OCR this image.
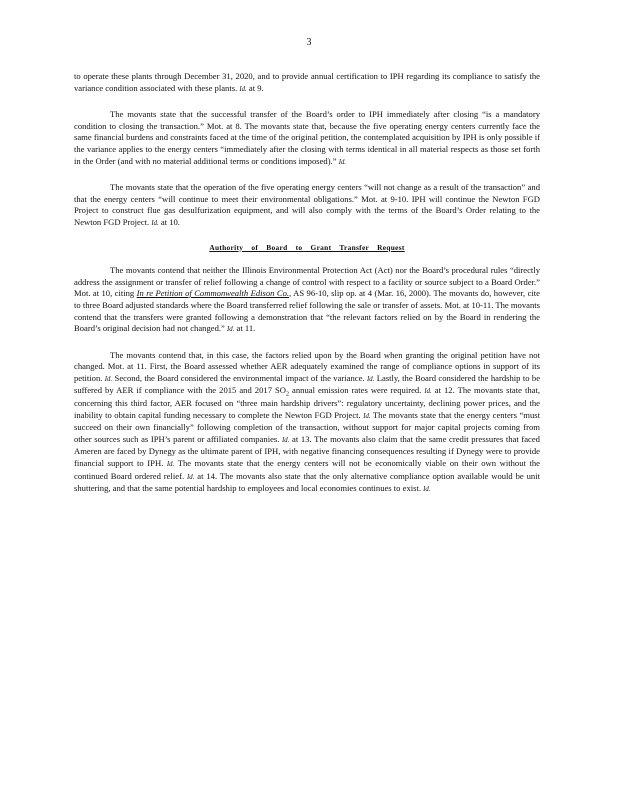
3

to operate these plants through December 31, 2020, and to provide annual certification to IPH regarding its compliance to satisfy the variance condition associated with these plants. Id. at 9.

The movants state that the successful transfer of the Board’s order to IPH immediately after closing “is a mandatory condition to closing the transaction.” Mot. at 8. The movants state that, because the five operating energy centers currently face the same financial burdens and constraints faced at the time of the original petition, the contemplated acquisition by IPH is only possible if the variance applies to the energy centers “immediately after the closing with terms identical in all material respects as those set forth in the Order (and with no material additional terms or conditions imposed).” Id.

The movants state that the operation of the five operating energy centers “will not change as a result of the transaction” and that the energy centers “will continue to meet their environmental obligations.” Mot. at 9-10. IPH will continue the Newton FGD Project to construct flue gas desulfurization equipment, and will also comply with the terms of the Board’s Order relating to the Newton FGD Project. Id. at 10.

Authority of Board to Grant Transfer Request

The movants contend that neither the Illinois Environmental Protection Act (Act) nor the Board’s procedural rules “directly address the assignment or transfer of relief following a change of control with respect to a facility or source subject to a Board Order.” Mot. at 10, citing In re Petition of Commonwealth Edison Co., AS 96-10, slip op. at 4 (Mar. 16, 2000). The movants do, however, cite to three Board adjusted standards where the Board transferred relief following the sale or transfer of assets. Mot. at 10-11. The movants contend that the transfers were granted following a demonstration that “the relevant factors relied on by the Board in rendering the Board’s original decision had not changed.” Id. at 11.

The movants contend that, in this case, the factors relied upon by the Board when granting the original petition have not changed. Mot. at 11. First, the Board assessed whether AER adequately examined the range of compliance options in support of its petition. Id. Second, the Board considered the environmental impact of the variance. Id. Lastly, the Board considered the hardship to be suffered by AER if compliance with the 2015 and 2017 $SO_2$ annual emission rates were required. Id. at 12. The movants state that, concerning this third factor, AER focused on “three main hardship drivers”: regulatory uncertainty, declining power prices, and the inability to obtain capital funding necessary to complete the Newton FGD Project. Id. The movants state that the energy centers “must succeed on their own financially” following completion of the transaction, without support for major capital projects coming from other sources such as IPH’s parent or affiliated companies. Id. at 13. The movants also claim that the same credit pressures that faced Ameren are faced by Dynegy as the ultimate parent of IPH, with negative financing consequences resulting if Dynegy were to provide financial support to IPH. Id. The movants state that the energy centers will not be economically viable on their own without the continued Board ordered relief. Id. at 14. The movants also state that the only alternative compliance option available would be unit shuttering, and that the same potential hardship to employees and local economies continues to exist. Id.
